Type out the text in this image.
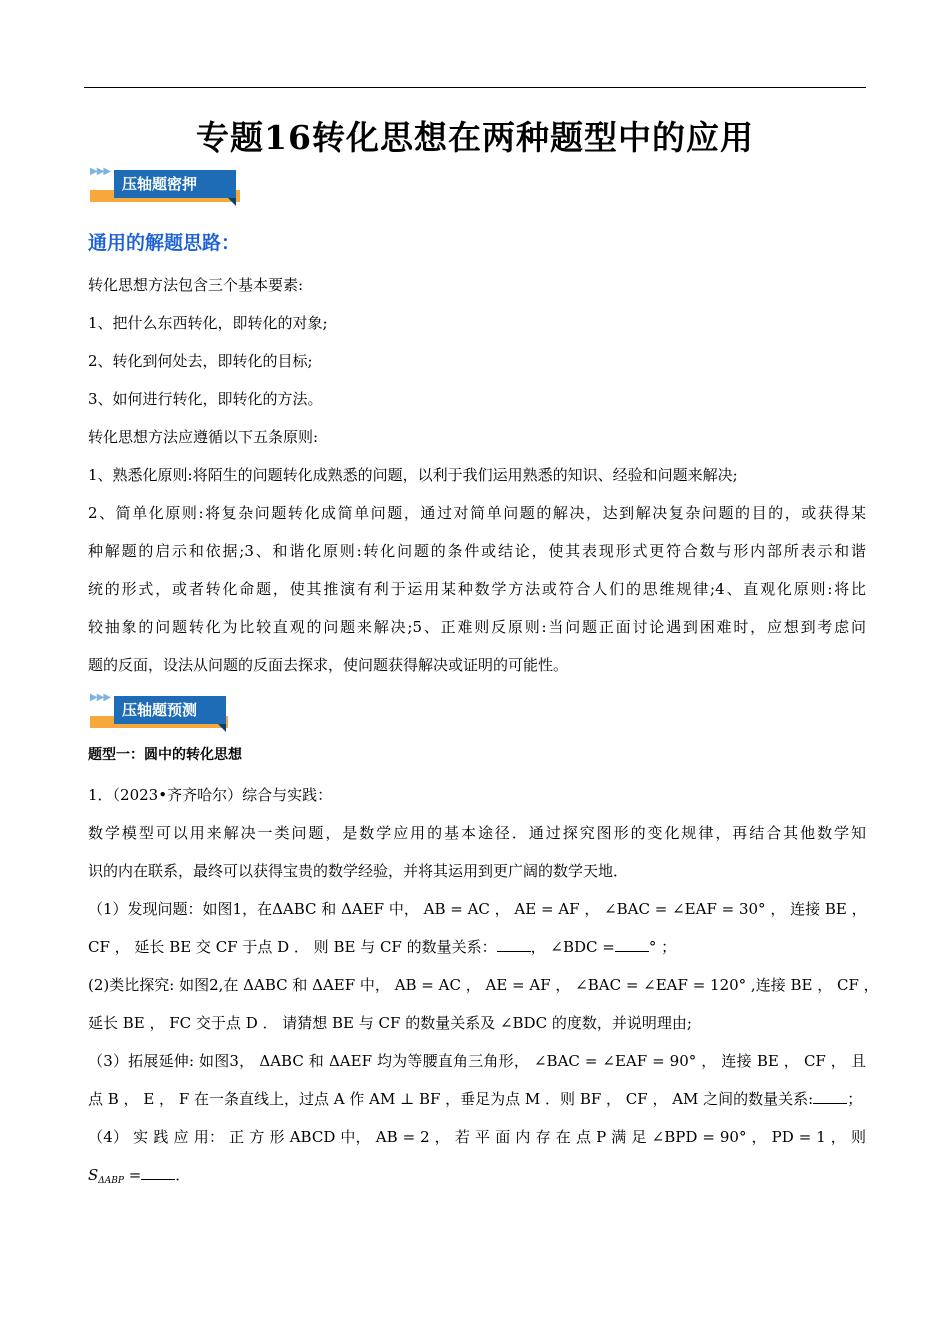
专题16转化思想在两种题型中的应用
▶▶▶
压轴题密押
通用的解题思路：
转化思想方法包含三个基本要素:
1、把什么东西转化，即转化的对象;
2、转化到何处去，即转化的目标;
3、如何进行转化，即转化的方法。
转化思想方法应遵循以下五条原则:
1、熟悉化原则:将陌生的问题转化成熟悉的问题，以利于我们运用熟悉的知识、经验和问题来解决;
2、简单化原则:将复杂问题转化成简单问题，通过对简单问题的解决，达到解决复杂问题的目的，或获得某
种解题的启示和依据;3、和谐化原则:转化问题的条件或结论，使其表现形式更符合数与形内部所表示和谐
统的形式，或者转化命题，使其推演有利于运用某种数学方法或符合人们的思维规律;4、直观化原则:将比
较抽象的问题转化为比较直观的问题来解决;5、正难则反原则:当问题正面讨论遇到困难时，应想到考虑问
题的反面，设法从问题的反面去探求，使问题获得解决或证明的可能性。
▶▶▶
压轴题预测
题型一：圆中的转化思想
1．（2023•齐齐哈尔）综合与实践：
数学模型可以用来解决一类问题，是数学应用的基本途径．通过探究图形的变化规律，再结合其他数学知
识的内在联系，最终可以获得宝贵的数学经验，并将其运用到更广阔的数学天地．
（1）发现问题：如图1，在ΔABC 和 ΔAEF 中， AB = AC ， AE = AF ， ∠BAC = ∠EAF = 30° ， 连接 BE ，
CF ， 延长 BE 交 CF 于点 D ． 则 BE 与 CF 的数量关系： ， ∠BDC = ° ；
(2)类比探究: 如图2,在 ΔABC 和 ΔAEF 中， AB = AC ， AE = AF ， ∠BAC = ∠EAF = 120° ,连接 BE ， CF ，
延长 BE ， FC 交于点 D ． 请猜想 BE 与 CF 的数量关系及 ∠BDC 的度数，并说明理由;
（3）拓展延伸: 如图3， ΔABC 和 ΔAEF 均为等腰直角三角形， ∠BAC = ∠EAF = 90° ， 连接 BE ， CF ， 且
点 B ， E ， F 在一条直线上，过点 A 作 AM ⊥ BF ，垂足为点 M ．则 BF ， CF ， AM 之间的数量关系: ；
（4） 实 践 应 用： 正 方 形 ABCD 中， AB = 2 ， 若 平 面 内 存 在 点 P 满 足 ∠BPD = 90° ， PD = 1 ， 则
$S_{\Delta ABP}$ = ．
